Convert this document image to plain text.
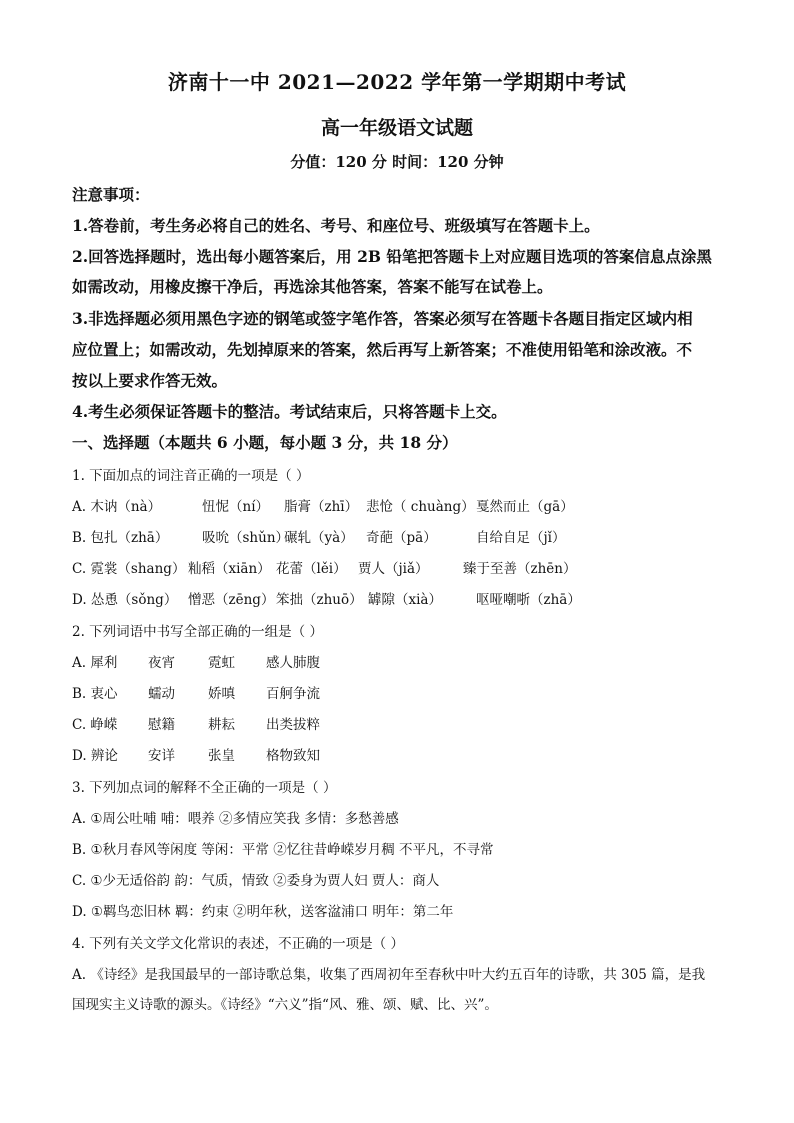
济南十一中 2021—2022 学年第一学期期中考试
高一年级语文试题
分值：120 分 时间：120 分钟
注意事项：
1.答卷前，考生务必将自己的姓名、考号、和座位号、班级填写在答题卡上。
2.回答选择题时，选出每小题答案后，用 2B 铅笔把答题卡上对应题目选项的答案信息点涂黑
如需改动，用橡皮擦干净后，再选涂其他答案，答案不能写在试卷上。
3.非选择题必须用黑色字迹的钢笔或签字笔作答，答案必须写在答题卡各题目指定区域内相
应位置上；如需改动，先划掉原来的答案，然后再写上新答案；不准使用铅笔和涂改液。不
按以上要求作答无效。
4.考生必须保证答题卡的整洁。考试结束后，只将答题卡上交。
一、选择题（本题共 6 小题，每小题 3 分，共 18 分）
1. 下面加点的词注音正确的一项是（ ）
A. 木讷（nà）	忸怩（ní） 脂膏（zhī） 悲怆（ chuàng）戛然而止（gā）
B. 包扎（zhā） 吸吮（shǔn）碾轧（yà） 奇葩（pā）	自给自足（jǐ）
C. 霓裳（shang） 籼稻（xiān） 花蕾（lěi） 贾人（jiǎ）	臻于至善（zhēn）
D. 怂恿（sǒng） 憎恶（zēng） 笨拙（zhuō） 罅隙（xià）	呕哑嘲哳（zhā）
2. 下列词语中书写全部正确的一组是（ ）
A. 犀利 夜宵 霓虹 感人肺腹
B. 衷心 蠕动 娇嗔 百舸争流
C. 峥嵘 慰籍 耕耘 出类拔粹
D. 辨论 安详 张皇 格物致知
3. 下列加点词的解释不全正确的一项是（ ）
A. ①周公吐哺 哺：喂养 ②多情应笑我 多情：多愁善感
B. ①秋月春风等闲度 等闲：平常 ②忆往昔峥嵘岁月稠 不平凡，不寻常
C. ①少无适俗韵 韵：气质，情致 ②委身为贾人妇 贾人：商人
D. ①羁鸟恋旧林 羁：约束 ②明年秋，送客湓浦口 明年：第二年
4. 下列有关文学文化常识的表述，不正确的一项是（ ）
A. 《诗经》是我国最早的一部诗歌总集，收集了西周初年至春秋中叶大约五百年的诗歌，共 305 篇，是我
国现实主义诗歌的源头。《诗经》“六义”指“风、雅、颂、赋、比、兴”。
